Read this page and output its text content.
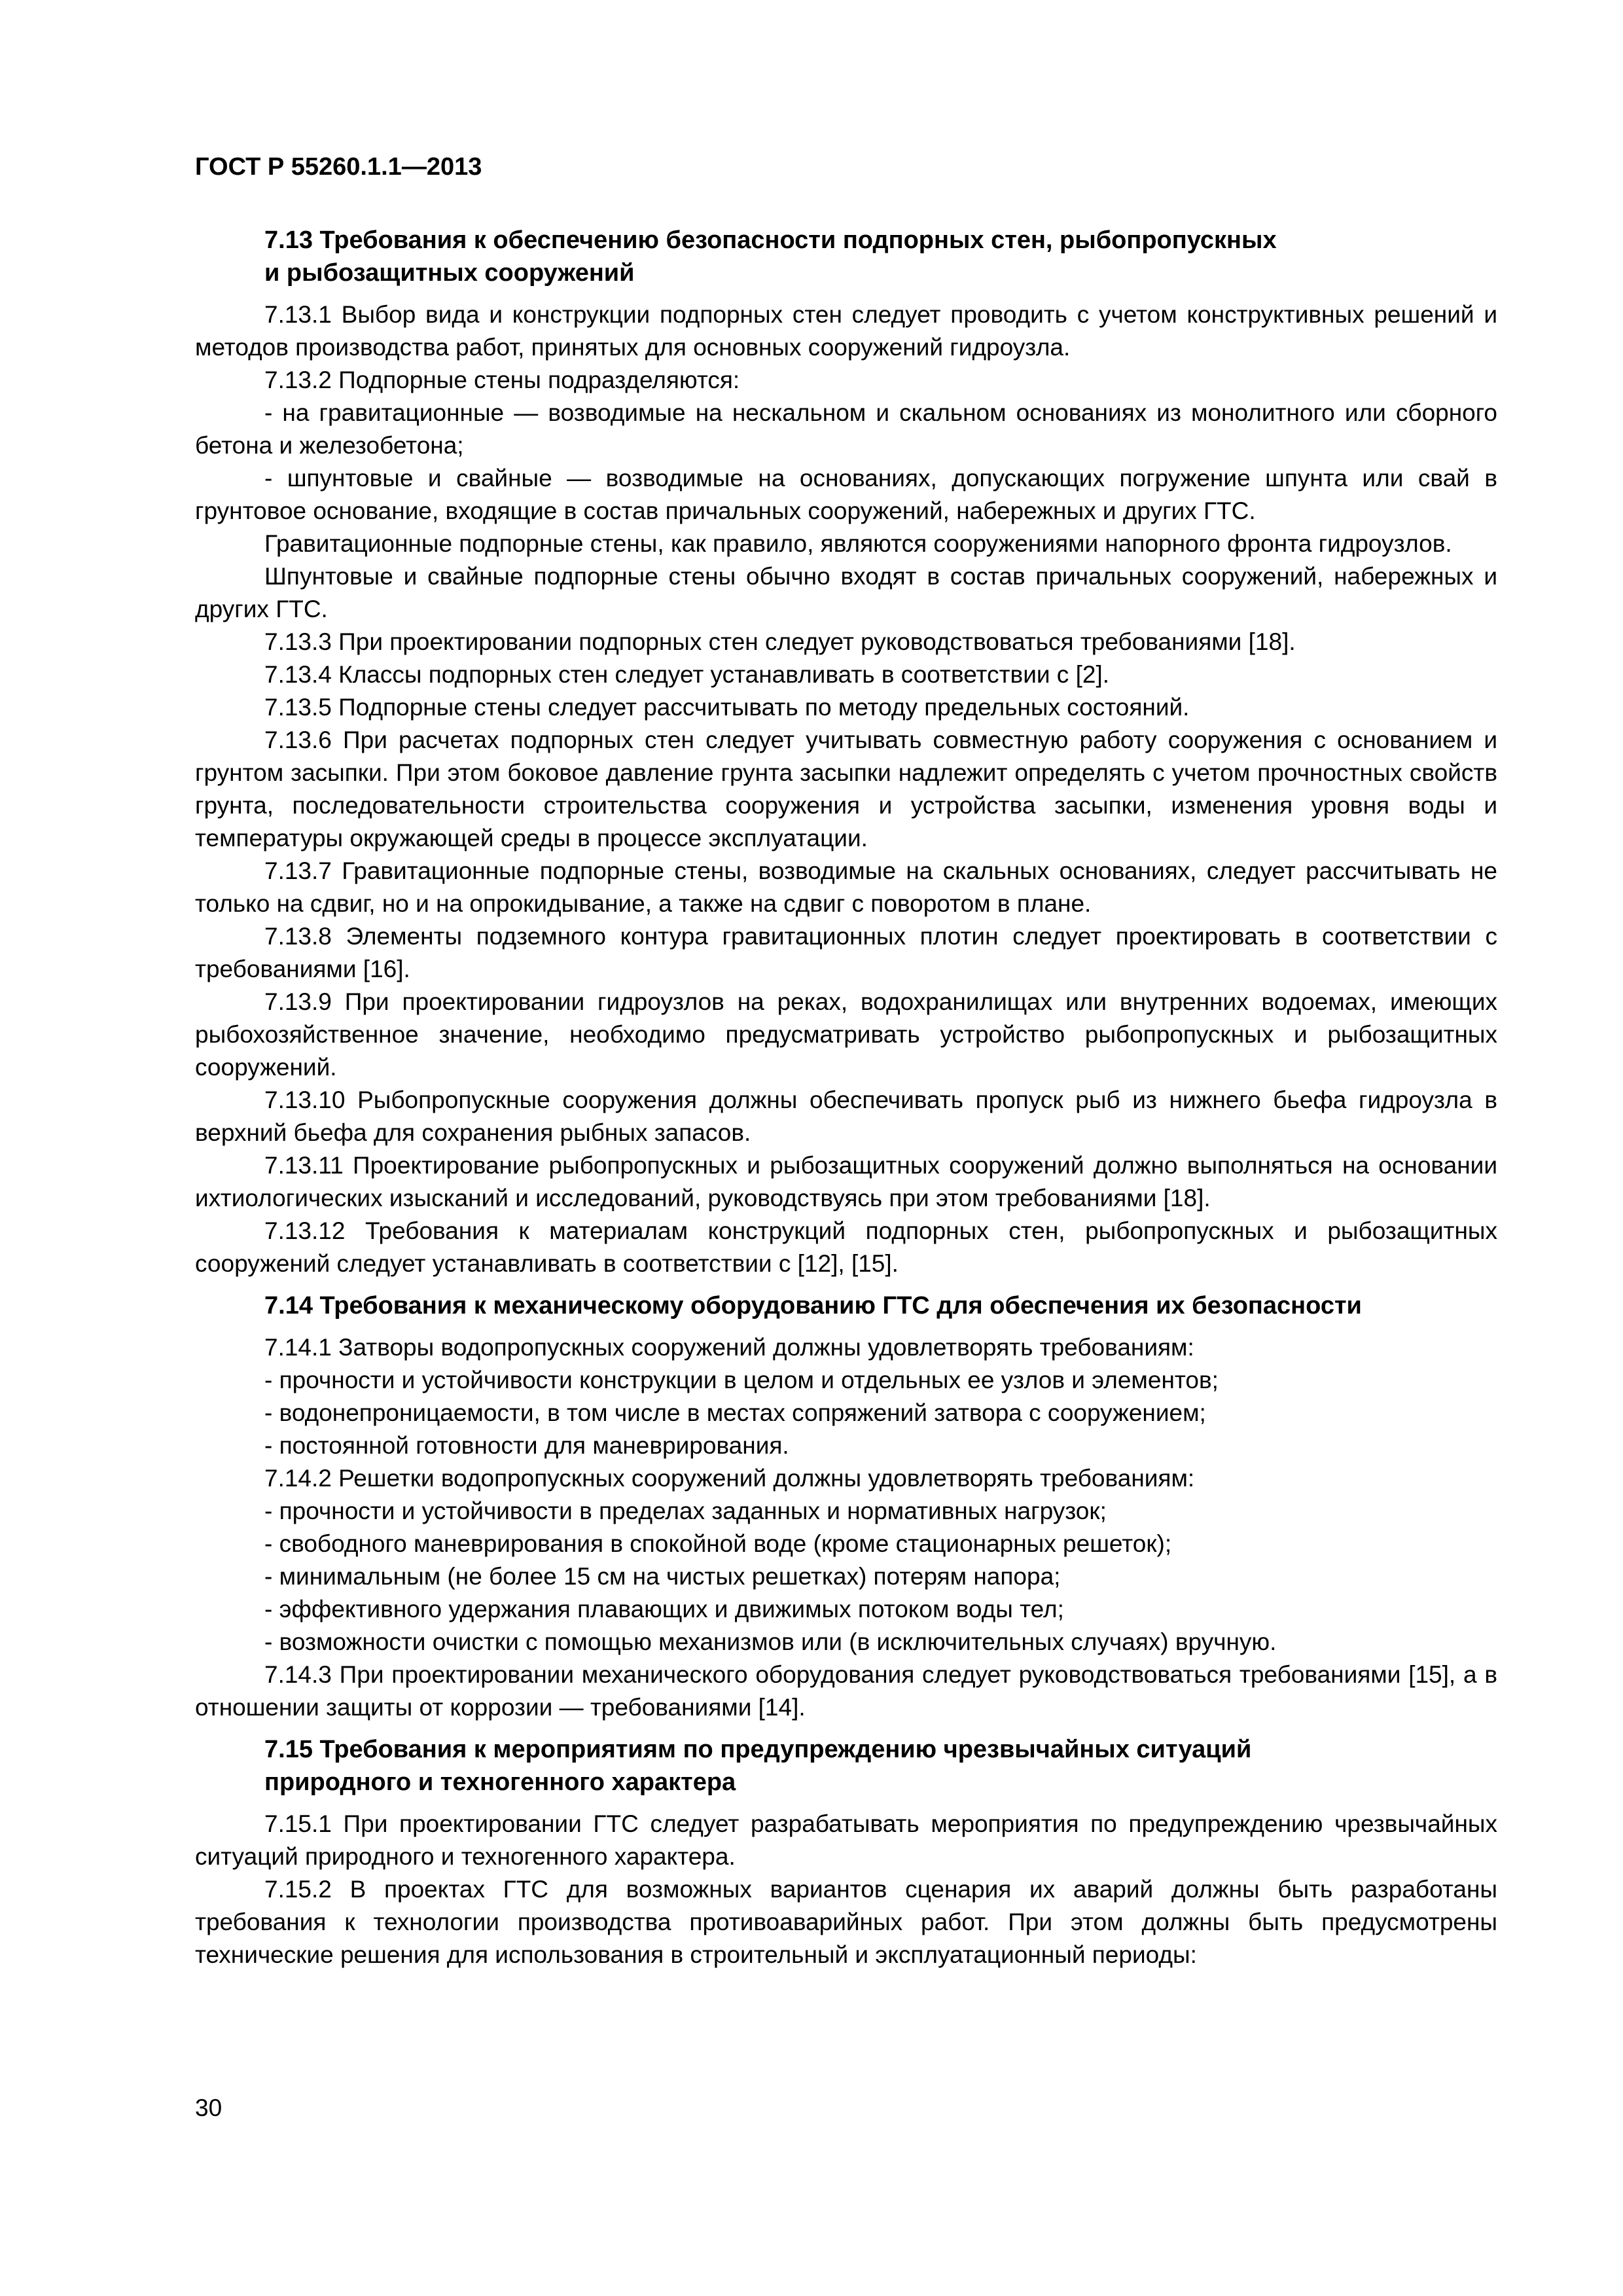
ГОСТ Р 55260.1.1—2013
7.13 Требования к обеспечению безопасности подпорных стен, рыбопропускных
и рыбозащитных сооружений

7.13.1 Выбор вида и конструкции подпорных стен следует проводить с учетом конструктивных решений и методов производства работ, принятых для основных сооружений гидроузла.

7.13.2 Подпорные стены подразделяются:

- на гравитационные — возводимые на нескальном и скальном основаниях из монолитного или сборного бетона и железобетона;

- шпунтовые и свайные — возводимые на основаниях, допускающих погружение шпунта или свай в грунтовое основание, входящие в состав причальных сооружений, набережных и других ГТС.

Гравитационные подпорные стены, как правило, являются сооружениями напорного фронта гидроузлов.

Шпунтовые и свайные подпорные стены обычно входят в состав причальных сооружений, набережных и других ГТС.

7.13.3 При проектировании подпорных стен следует руководствоваться требованиями [18].

7.13.4 Классы подпорных стен следует устанавливать в соответствии с [2].

7.13.5 Подпорные стены следует рассчитывать по методу предельных состояний.

7.13.6 При расчетах подпорных стен следует учитывать совместную работу сооружения с основанием и грунтом засыпки. При этом боковое давление грунта засыпки надлежит определять с учетом прочностных свойств грунта, последовательности строительства сооружения и устройства засыпки, изменения уровня воды и температуры окружающей среды в процессе эксплуатации.

7.13.7 Гравитационные подпорные стены, возводимые на скальных основаниях, следует рассчитывать не только на сдвиг, но и на опрокидывание, а также на сдвиг с поворотом в плане.

7.13.8 Элементы подземного контура гравитационных плотин следует проектировать в соответствии с требованиями [16].

7.13.9 При проектировании гидроузлов на реках, водохранилищах или внутренних водоемах, имеющих рыбохозяйственное значение, необходимо предусматривать устройство рыбопропускных и рыбозащитных сооружений.

7.13.10 Рыбопропускные сооружения должны обеспечивать пропуск рыб из нижнего бьефа гидроузла в верхний бьефа для сохранения рыбных запасов.

7.13.11 Проектирование рыбопропускных и рыбозащитных сооружений должно выполняться на основании ихтиологических изысканий и исследований, руководствуясь при этом требованиями [18].

7.13.12 Требования к материалам конструкций подпорных стен, рыбопропускных и рыбозащитных сооружений следует устанавливать в соответствии с [12], [15].

7.14 Требования к механическому оборудованию ГТС для обеспечения их безопасности

7.14.1 Затворы водопропускных сооружений должны удовлетворять требованиям:

- прочности и устойчивости конструкции в целом и отдельных ее узлов и элементов;

- водонепроницаемости, в том числе в местах сопряжений затвора с сооружением;

- постоянной готовности для маневрирования.

7.14.2 Решетки водопропускных сооружений должны удовлетворять требованиям:

- прочности и устойчивости в пределах заданных и нормативных нагрузок;

- свободного маневрирования в спокойной воде (кроме стационарных решеток);

- минимальным (не более 15 см на чистых решетках) потерям напора;

- эффективного удержания плавающих и движимых потоком воды тел;

- возможности очистки с помощью механизмов или (в исключительных случаях) вручную.

7.14.3 При проектировании механического оборудования следует руководствоваться требованиями [15], а в отношении защиты от коррозии — требованиями [14].

7.15 Требования к мероприятиям по предупреждению чрезвычайных ситуаций
природного и техногенного характера

7.15.1 При проектировании ГТС следует разрабатывать мероприятия по предупреждению чрезвычайных ситуаций природного и техногенного характера.

7.15.2 В проектах ГТС для возможных вариантов сценария их аварий должны быть разработаны требования к технологии производства противоаварийных работ. При этом должны быть предусмотрены технические решения для использования в строительный и эксплуатационный периоды:

30
